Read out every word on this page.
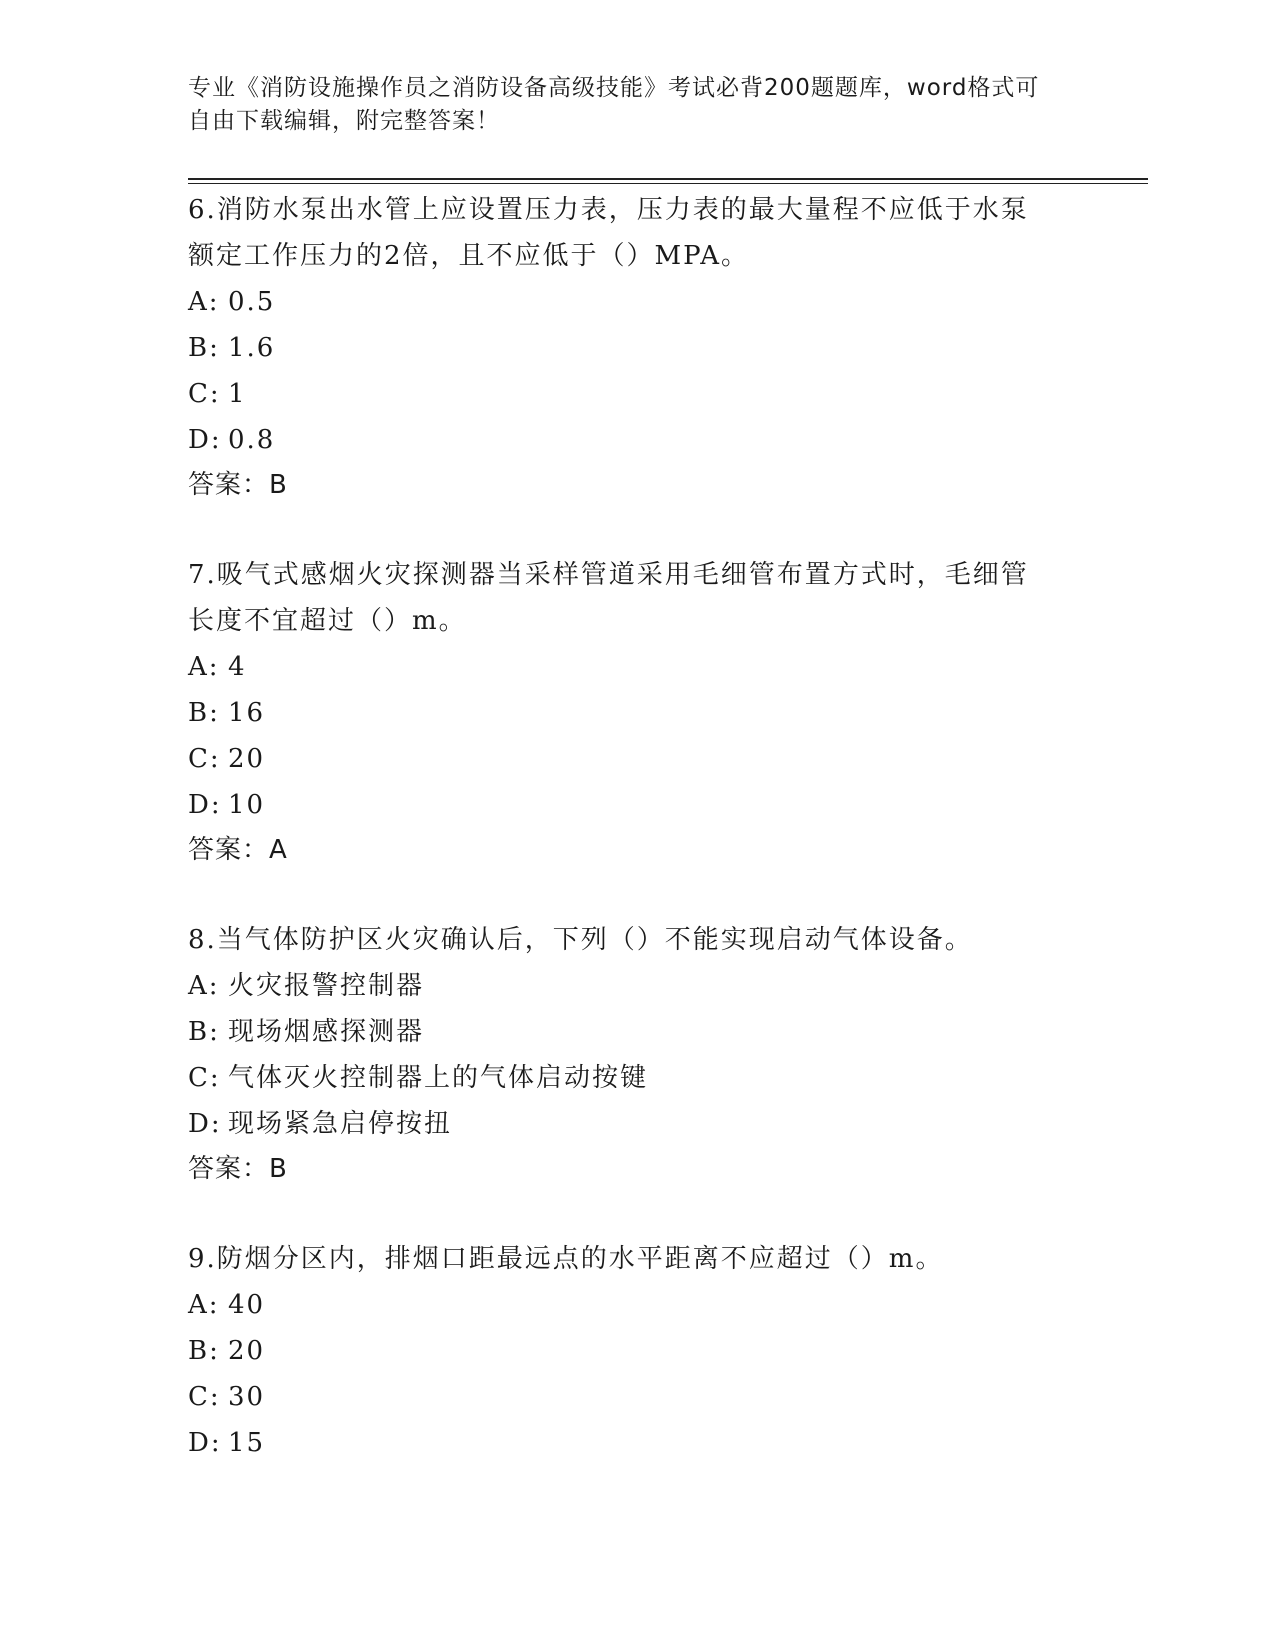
专业《消防设施操作员之消防设备高级技能》考试必背200题题库，word格式可
自由下载编辑，附完整答案！

6.消防水泵出水管上应设置压力表，压力表的最大量程不应低于水泵

额定工作压力的2倍，且不应低于（）MPA。

A: 0.5

B: 1.6

C: 1

D: 0.8

答案：B

7.吸气式感烟火灾探测器当采样管道采用毛细管布置方式时，毛细管

长度不宜超过（）m。

A: 4

B: 16

C: 20

D: 10

答案：A

8.当气体防护区火灾确认后，下列（）不能实现启动气体设备。

A: 火灾报警控制器

B: 现场烟感探测器

C: 气体灭火控制器上的气体启动按键

D: 现场紧急启停按扭

答案：B

9.防烟分区内，排烟口距最远点的水平距离不应超过（）m。

A: 40

B: 20

C: 30

D: 15
